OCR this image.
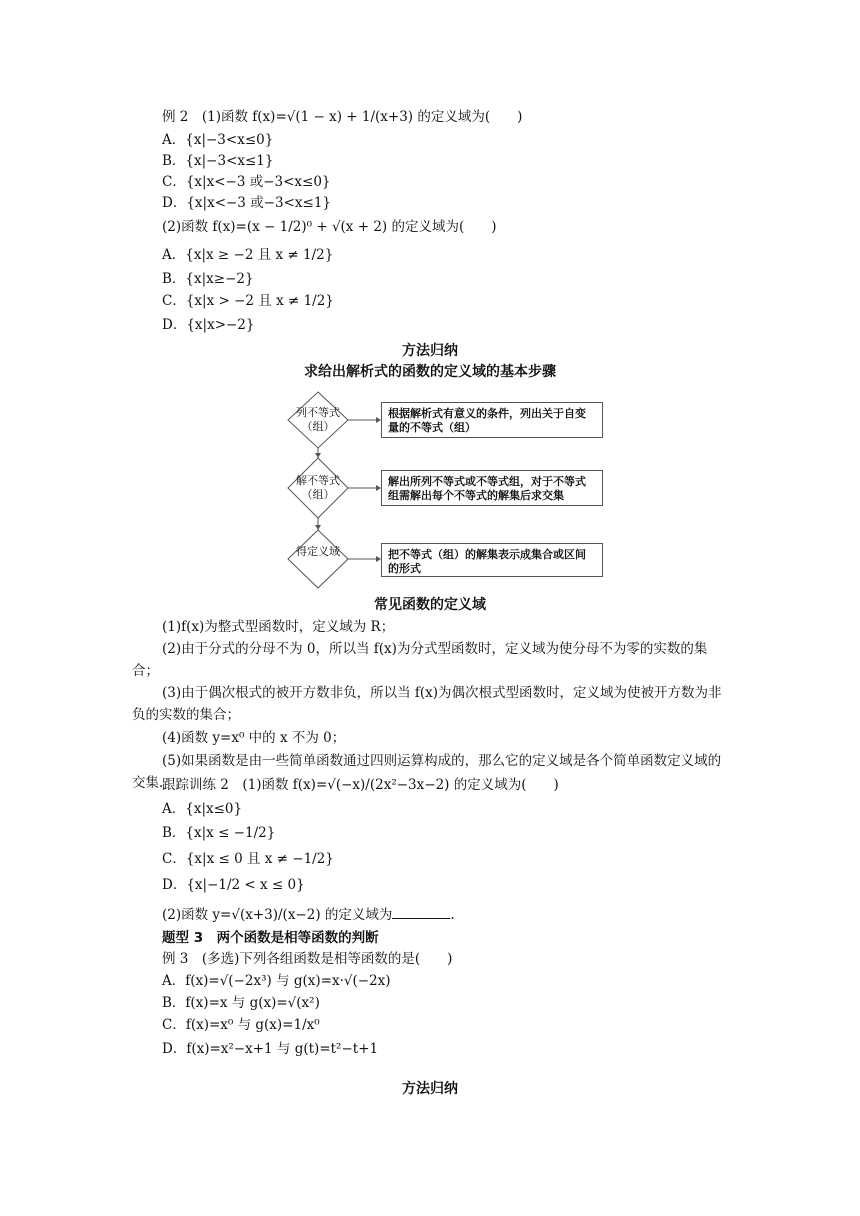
例 2　(1)函数 f(x)=√(1 − x) + 1/(x+3) 的定义域为(　　)
A．{x|−3<x≤0}
B．{x|−3<x≤1}
C．{x|x<−3 或−3<x≤0}
D．{x|x<−3 或−3<x≤1}
(2)函数 f(x)=(x − 1/2)⁰ + √(x + 2) 的定义域为(　　)
A．{x|x ≥ −2 且 x ≠ 1/2}
B．{x|x≥−2}
C．{x|x > −2 且 x ≠ 1/2}
D．{x|x>−2}
方法归纳
求给出解析式的函数的定义域的基本步骤
列不等式（组）
解不等式（组）
得定义域
根据解析式有意义的条件，列出关于自变量的不等式（组）
解出所列不等式或不等式组，对于不等式组需解出每个不等式的解集后求交集
把不等式（组）的解集表示成集合或区间的形式
常见函数的定义域
(1)f(x)为整式型函数时，定义域为 R；
(2)由于分式的分母不为 0，所以当 f(x)为分式型函数时，定义域为使分母不为零的实数的集合；
(3)由于偶次根式的被开方数非负，所以当 f(x)为偶次根式型函数时，定义域为使被开方数为非负的实数的集合；
(4)函数 y=x⁰ 中的 x 不为 0；
(5)如果函数是由一些简单函数通过四则运算构成的，那么它的定义域是各个简单函数定义域的交集.
跟踪训练 2　(1)函数 f(x)=√(−x)/(2x²−3x−2) 的定义域为(　　)
A．{x|x≤0}
B．{x|x ≤ −1/2}
C．{x|x ≤ 0 且 x ≠ −1/2}
D．{x|−1/2 < x ≤ 0}
(2)函数 y=√(x+3)/(x−2) 的定义域为	.
题型 3　两个函数是相等函数的判断
例 3　(多选)下列各组函数是相等函数的是(　　)
A．f(x)=√(−2x³) 与 g(x)=x·√(−2x)
B．f(x)=x 与 g(x)=√(x²)
C．f(x)=x⁰ 与 g(x)=1/x⁰
D．f(x)=x²−x+1 与 g(t)=t²−t+1
方法归纳
